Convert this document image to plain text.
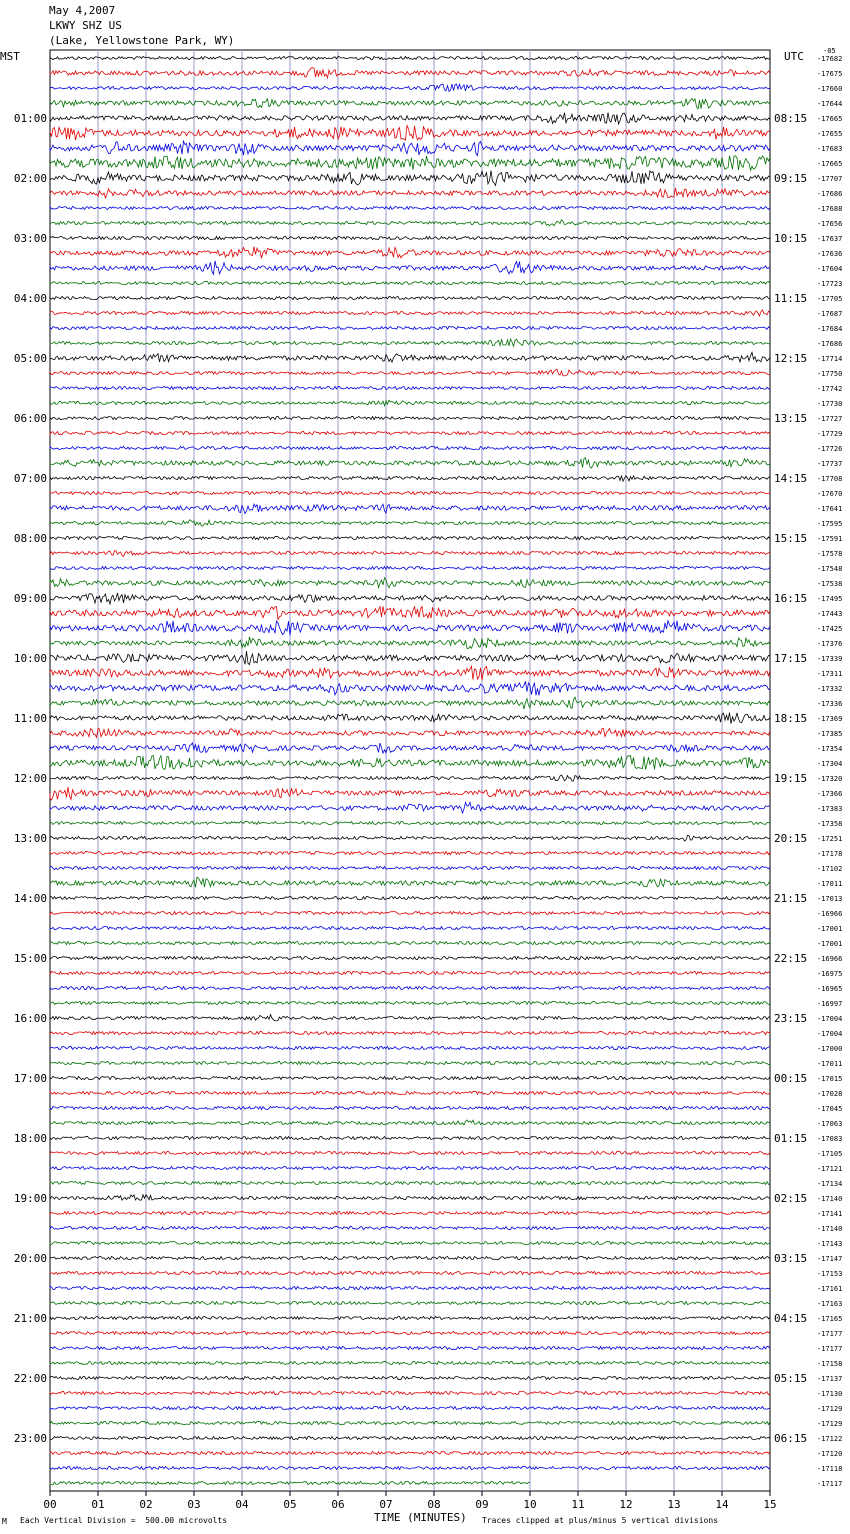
May 4,2007
LKWY SHZ US
(Lake, Yellowstone Park, WY)
MST	UTC	-05
-17682
-17675
-17660
-17644
-17665
-17655
-17683
-17665
-17707
-17686
-17688
-17656
-17637
-17636
-17604
-17723
-17705
-17687
-17684
-17686
-17714
-17750
-17742
-17730
-17727
-17729
-17726
-17737
-17708
-17670
-17641
-17595
-17591
-17578
-17548
-17538
-17495
-17443
-17425
-17376
-17339
-17311
-17332
-17336
-17369
-17385
-17354
-17304
-17320
-17366
-17383
-17358
-17251
-17178
-17102
-17011
-17013
-16966
-17001
-17001
-16966
-16975
-16965
-16997
-17004
-17004
-17000
-17011
-17015
-17028
-17045
-17063
-17083
-17105
-17121
-17134
-17140
-17141
-17140
-17143
-17147
-17153
-17161
-17163
-17165
-17177
-17177
-17158
-17137
-17130
-17129
-17129
-17122
-17120
-17118
-17117
01:00
02:00
03:00
04:00
05:00
06:00
07:00
08:00
09:00
10:00
11:00
12:00
13:00
14:00
15:00
16:00
17:00
18:00
19:00
20:00
21:00
22:00
23:00
08:15
09:15
10:15
11:15
12:15
13:15
14:15
15:15
16:15
17:15
18:15
19:15
20:15
21:15
22:15
23:15
00:15
01:15
02:15
03:15
04:15
05:15
06:15
00	01	02	03	04	05	06	07	08	09	10	11	12	13	14	15
TIME (MINUTES)
M Each Vertical Division =  500.00 microvolts	Traces clipped at plus/minus 5 vertical divisions
